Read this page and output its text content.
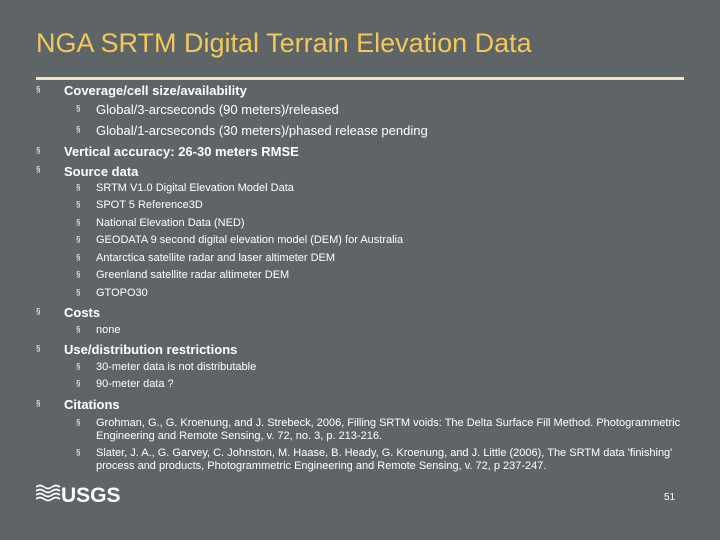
NGA SRTM Digital Terrain Elevation Data
§ Coverage/cell size/availability
§ Global/3-arcseconds (90 meters)/released
§ Global/1-arcseconds (30 meters)/phased release pending
§ Vertical accuracy: 26-30 meters RMSE
§ Source data
§ SRTM V1.0 Digital Elevation Model Data
§ SPOT 5 Reference3D
§ National Elevation Data (NED)
§ GEODATA 9 second digital elevation model (DEM) for Australia
§ Antarctica satellite radar and laser altimeter DEM
§ Greenland satellite radar altimeter DEM
§ GTOPO30
§ Costs
§ none
§ Use/distribution restrictions
§ 30-meter data is not distributable
§ 90-meter data ?
§ Citations
§ Grohman, G., G. Kroenung, and J. Strebeck, 2006, Filling SRTM voids: The Delta Surface Fill Method. Photogrammetric Engineering and Remote Sensing, v. 72, no. 3, p. 213-216.
§ Slater, J. A., G. Garvey, C. Johnston, M. Haase, B. Heady, G. Kroenung, and J. Little (2006), The SRTM data 'finishing' process and products, Photogrammetric Engineering and Remote Sensing, v. 72, p 237-247.
USGS	51
